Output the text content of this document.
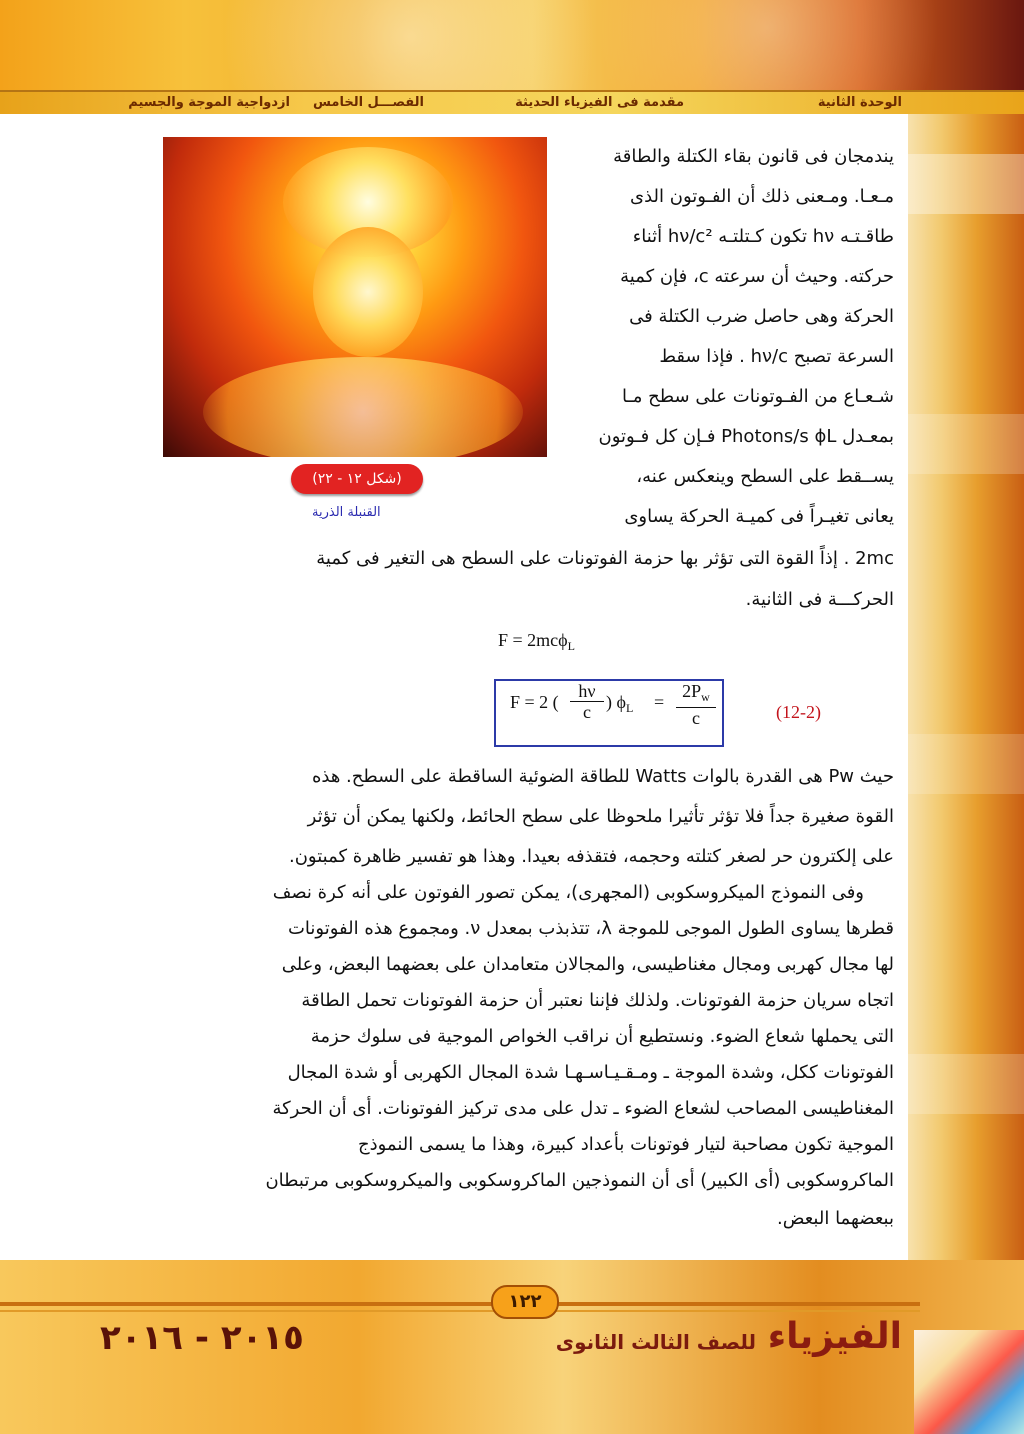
الوحدة الثانية
مقدمة فى الفيزياء الحديثة
الفصـــل الخامس
ازدواجية الموجة والجسيم
(شكل ١٢ - ٢٢)
القنبلة الذرية
يندمجان فى قانون بقاء الكتلة والطاقة
مـعـا. ومـعنى ذلك أن الفـوتون الذى
طاقـتـه hν تكون كـتلتـه hν/c² أثناء
حركته. وحيث أن سرعته c، فإن كمية
الحركة وهى حاصل ضرب الكتلة فى
السرعة تصبح hν/c . فإذا سقط
شـعـاع من الفـوتونات على سطح مـا
بمعـدل Photons/s ϕL فـإن كل فـوتون
يســقط على السطح وينعكس عنه،
يعانى تغيـراً فى كميـة الحركة يساوى
2mc . إذاً القوة التى تؤثر بها حزمة الفوتونات على السطح هى التغير فى كمية
الحركـــة فى الثانية.
F = 2mcϕ$_L$
F = 2 (
hν
c ) $\phi_L$ =
$2P_w$
c	(12-2)
حيث Pw هى القدرة بالوات Watts للطاقة الضوئية الساقطة على السطح. هذه
القوة صغيرة جداً فلا تؤثر تأثيرا ملحوظا على سطح الحائط، ولكنها يمكن أن تؤثر
على إلكترون حر لصغر كتلته وحجمه، فتقذفه بعيدا. وهذا هو تفسير ظاهرة كمبتون.
وفى النموذج الميكروسكوبى (المجهرى)، يمكن تصور الفوتون على أنه كرة نصف
قطرها يساوى الطول الموجى للموجة λ، تتذبذب بمعدل ν. ومجموع هذه الفوتونات
لها مجال كهربى ومجال مغناطيسى، والمجالان متعامدان على بعضهما البعض، وعلى
اتجاه سريان حزمة الفوتونات. ولذلك فإننا نعتبر أن حزمة الفوتونات تحمل الطاقة
التى يحملها شعاع الضوء. ونستطيع أن نراقب الخواص الموجية فى سلوك حزمة
الفوتونات ككل، وشدة الموجة ـ ومـقـيـاسـهـا شدة المجال الكهربى أو شدة المجال
المغناطيسى المصاحب لشعاع الضوء ـ تدل على مدى تركيز الفوتونات. أى أن الحركة
الموجية تكون مصاحبة لتيار فوتونات بأعداد كبيرة، وهذا ما يسمى النموذج
الماكروسكوبى (أى الكبير) أى أن النموذجين الماكروسكوبى والميكروسكوبى مرتبطان
ببعضهما البعض.
١٢٢
الفيزياء
للصف الثالث الثانوى
٢٠١٥ - ٢٠١٦
